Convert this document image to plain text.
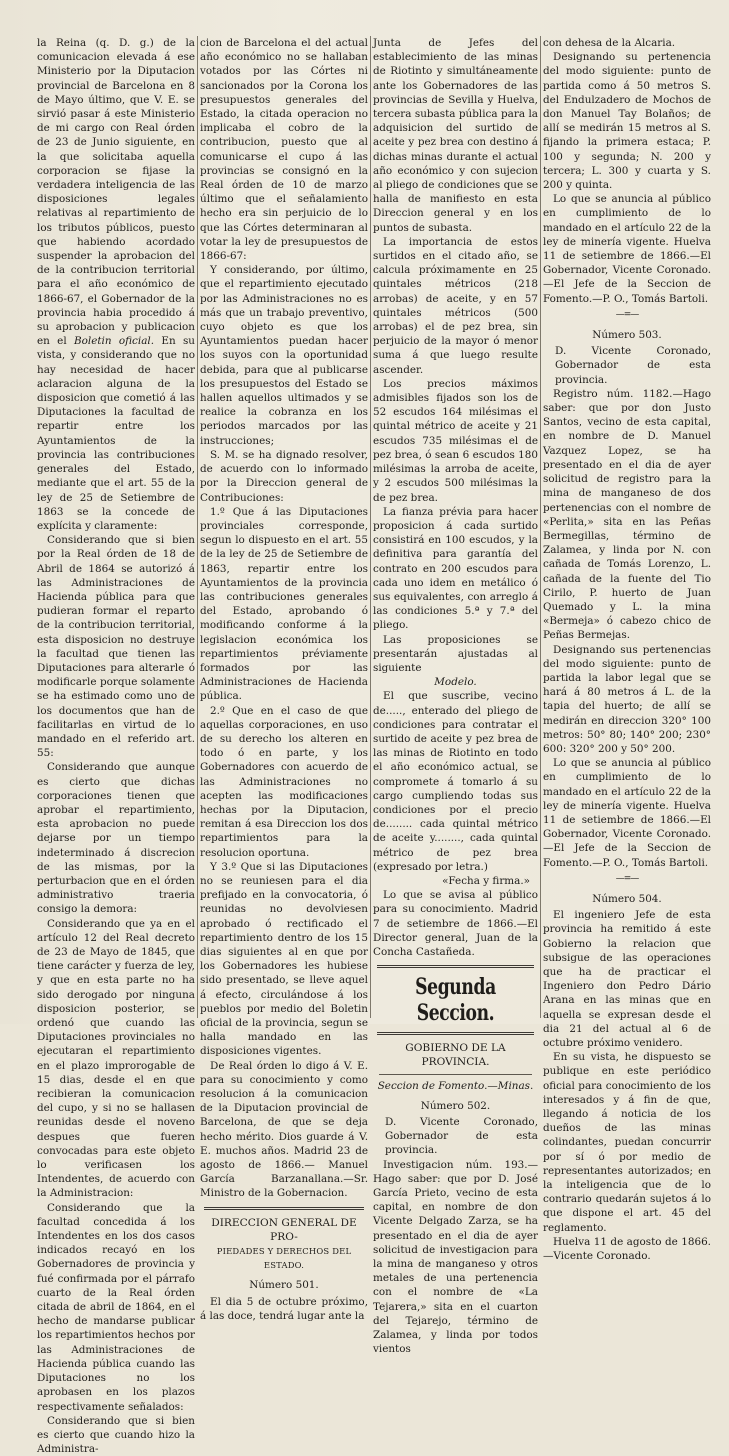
la Reina (q. D. g.) de la comunicacion elevada á ese Ministerio por la Diputacion provincial de Barcelona en 8 de Mayo último, que V. E. se sirvió pasar á este Ministerio de mi cargo con Real órden de 23 de Junio siguiente, en la que solicitaba aquella corporacion se fijase la verdadera inteligencia de las disposiciones legales relativas al repartimiento de los tributos públicos, puesto que habiendo acordado suspender la aprobacion del de la contribucion territorial para el año económico de 1866-67, el Gobernador de la provincia habia procedido á su aprobacion y publicacion en el Boletin oficial. En su vista, y considerando que no hay necesidad de hacer aclaracion alguna de la disposicion que cometió á las Diputaciones la facultad de repartir entre los Ayuntamientos de la provincia las contribuciones generales del Estado, mediante que el art. 55 de la ley de 25 de Setiembre de 1863 se la concede de explícita y claramente:

Considerando que si bien por la Real órden de 18 de Abril de 1864 se autorizó á las Administraciones de Hacienda pública para que pudieran formar el reparto de la contribucion territorial, esta disposicion no destruye la facultad que tienen las Diputaciones para alterarle ó modificarle porque solamente se ha estimado como uno de los documentos que han de facilitarlas en virtud de lo mandado en el referido art. 55:

Considerando que aunque es cierto que dichas corporaciones tienen que aprobar el repartimiento, esta aprobacion no puede dejarse por un tiempo indeterminado á discrecion de las mismas, por la perturbacion que en el órden administrativo traeria consigo la demora:

Considerando que ya en el artículo 12 del Real decreto de 23 de Mayo de 1845, que tiene carácter y fuerza de ley, y que en esta parte no ha sido derogado por ninguna disposicion posterior, se ordenó que cuando las Diputaciones provinciales no ejecutaran el repartimiento en el plazo improrogable de 15 dias, desde el en que recibieran la comunicacion del cupo, y si no se hallasen reunidas desde el noveno despues que fueren convocadas para este objeto lo verificasen los Intendentes, de acuerdo con la Administracion:

Considerando que la facultad concedida á los Intendentes en los dos casos indicados recayó en los Gobernadores de provincia y fué confirmada por el párrafo cuarto de la Real órden citada de abril de 1864, en el hecho de mandarse publicar los repartimientos hechos por las Administraciones de Hacienda pública cuando las Diputaciones no los aprobasen en los plazos respectivamente señalados:

Considerando que si bien es cierto que cuando hizo la Administra-

cion de Barcelona el del actual año económico no se hallaban votados por las Córtes ni sancionados por la Corona los presupuestos generales del Estado, la citada operacion no implicaba el cobro de la contribucion, puesto que al comunicarse el cupo á las provincias se consignó en la Real órden de 10 de marzo último que el señalamiento hecho era sin perjuicio de lo que las Córtes determinaran al votar la ley de presupuestos de 1866-67:

Y considerando, por último, que el repartimiento ejecutado por las Administraciones no es más que un trabajo preventivo, cuyo objeto es que los Ayuntamientos puedan hacer los suyos con la oportunidad debida, para que al publicarse los presupuestos del Estado se hallen aquellos ultimados y se realice la cobranza en los periodos marcados por las instrucciones;

S. M. se ha dignado resolver, de acuerdo con lo informado por la Direccion general de Contribuciones:

1.º Que á las Diputaciones provinciales corresponde, segun lo dispuesto en el art. 55 de la ley de 25 de Setiembre de 1863, repartir entre los Ayuntamientos de la provincia las contribuciones generales del Estado, aprobando ó modificando conforme á la legislacion económica los repartimientos préviamente formados por las Administraciones de Hacienda pública.

2.º Que en el caso de que aquellas corporaciones, en uso de su derecho los alteren en todo ó en parte, y los Gobernadores con acuerdo de las Administraciones no acepten las modificaciones hechas por la Diputacion, remitan á esa Direccion los dos repartimientos para la resolucion oportuna.

Y 3.º Que si las Diputaciones no se reuniesen para el dia prefijado en la convocatoria, ó reunidas no devolviesen aprobado ó rectificado el repartimiento dentro de los 15 dias siguientes al en que por los Gobernadores les hubiese sido presentado, se lleve aquel á efecto, circulándose á los pueblos por medio del Boletin oficial de la provincia, segun se halla mandado en las disposiciones vigentes.

De Real órden lo digo á V. E. para su conocimiento y como resolucion á la comunicacion de la Diputacion provincial de Barcelona, de que se deja hecho mérito. Dios guarde á V. E. muchos años. Madrid 23 de agosto de 1866.— Manuel García Barzanallana.—Sr. Ministro de la Gobernacion.

DIRECCION GENERAL DE PRO-

PIEDADES Y DERECHOS DEL ESTADO.

Número 501.

El dia 5 de octubre próximo, á las doce, tendrá lugar ante la

Junta de Jefes del establecimiento de las minas de Riotinto y simultáneamente ante los Gobernadores de las provincias de Sevilla y Huelva, tercera subasta pública para la adquisicion del surtido de aceite y pez brea con destino á dichas minas durante el actual año económico y con sujecion al pliego de condiciones que se halla de manifiesto en esta Direccion general y en los puntos de subasta.

La importancia de estos surtidos en el citado año, se calcula próximamente en 25 quintales métricos (218 arrobas) de aceite, y en 57 quintales métricos (500 arrobas) el de pez brea, sin perjuicio de la mayor ó menor suma á que luego resulte ascender.

Los precios máximos admisibles fijados son los de 52 escudos 164 milésimas el quintal métrico de aceite y 21 escudos 735 milésimas el de pez brea, ó sean 6 escudos 180 milésimas la arroba de aceite, y 2 escudos 500 milésimas la de pez brea.

La fianza prévia para hacer proposicion á cada surtido consistirá en 100 escudos, y la definitiva para garantía del contrato en 200 escudos para cada uno idem en metálico ó sus equivalentes, con arreglo á las condiciones 5.ª y 7.ª del pliego.

Las proposiciones se presentarán ajustadas al siguiente

Modelo.

El que suscribe, vecino de....., enterado del pliego de condiciones para contratar el surtido de aceite y pez brea de las minas de Riotinto en todo el año económico actual, se compromete á tomarlo á su cargo cumpliendo todas sus condiciones por el precio de........ cada quintal métrico de aceite y........, cada quintal métrico de pez brea (expresado por letra.)

«Fecha y firma.»

Lo que se avisa al público para su conocimiento. Madrid 7 de setiembre de 1866.—El Director general, Juan de la Concha Castañeda.

Segunda Seccion.

GOBIERNO DE LA PROVINCIA.

Seccion de Fomento.—Minas.

Número 502.

D. Vicente Coronado, Gobernador de esta provincia.

Investigacion núm. 193.—Hago saber: que por D. José García Prieto, vecino de esta capital, en nombre de don Vicente Delgado Zarza, se ha presentado en el dia de ayer solicitud de investigacion para la mina de manganeso y otros metales de una pertenencia con el nombre de «La Tejarera,» sita en el cuarton del Tejarejo, término de Zalamea, y linda por todos vientos

con dehesa de la Alcaria.

Designando su pertenencia del modo siguiente: punto de partida como á 50 metros S. del Endulzadero de Mochos de don Manuel Tay Bolaños; de allí se medirán 15 metros al S. fijando la primera estaca; P. 100 y segunda; N. 200 y tercera; L. 300 y cuarta y S. 200 y quinta.

Lo que se anuncia al público en cumplimiento de lo mandado en el artículo 22 de la ley de minería vigente. Huelva 11 de setiembre de 1866.—El Gobernador, Vicente Coronado.—El Jefe de la Seccion de Fomento.—P. O., Tomás Bartoli.

—=—

Número 503.

D. Vicente Coronado, Gobernador de esta provincia.

Registro núm. 1182.—Hago saber: que por don Justo Santos, vecino de esta capital, en nombre de D. Manuel Vazquez Lopez, se ha presentado en el dia de ayer solicitud de registro para la mina de manganeso de dos pertenencias con el nombre de «Perlita,» sita en las Peñas Bermegillas, término de Zalamea, y linda por N. con cañada de Tomás Lorenzo, L. cañada de la fuente del Tio Cirilo, P. huerto de Juan Quemado y L. la mina «Bermeja» ó cabezo chico de Peñas Bermejas.

Designando sus pertenencias del modo siguiente: punto de partida la labor legal que se hará á 80 metros á L. de la tapia del huerto; de allí se medirán en direccion 320° 100 metros: 50° 80; 140° 200; 230° 600: 320° 200 y 50° 200.

Lo que se anuncia al público en cumplimiento de lo mandado en el artículo 22 de la ley de minería vigente. Huelva 11 de setiembre de 1866.—El Gobernador, Vicente Coronado.—El Jefe de la Seccion de Fomento.—P. O., Tomás Bartoli.

—=—

Número 504.

El ingeniero Jefe de esta provincia ha remitido á este Gobierno la relacion que subsigue de las operaciones que ha de practicar el Ingeniero don Pedro Dário Arana en las minas que en aquella se expresan desde el dia 21 del actual al 6 de octubre próximo venidero.

En su vista, he dispuesto se publique en este periódico oficial para conocimiento de los interesados y á fin de que, llegando á noticia de los dueños de las minas colindantes, puedan concurrir por sí ó por medio de representantes autorizados; en la inteligencia que de lo contrario quedarán sujetos á lo que dispone el art. 45 del reglamento.

Huelva 11 de agosto de 1866. —Vicente Coronado.
